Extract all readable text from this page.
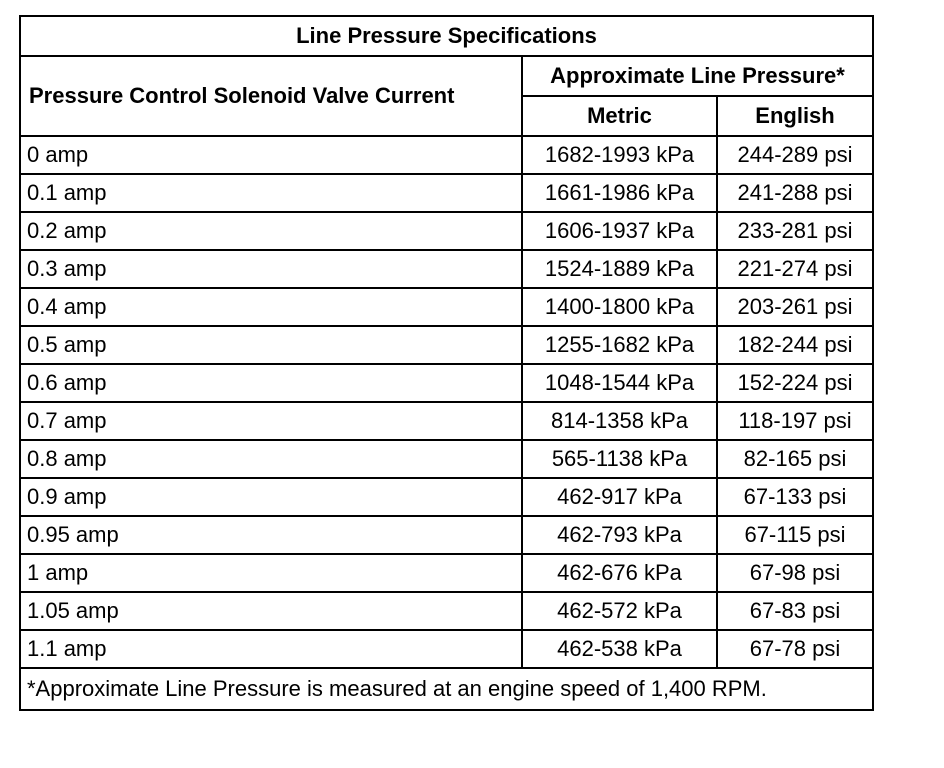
Line Pressure Specifications		
Pressure Control Solenoid Valve Current	Approximate Line Pressure*	
	Metric	English
0 amp	1682-1993 kPa	244-289 psi
0.1 amp	1661-1986 kPa	241-288 psi
0.2 amp	1606-1937 kPa	233-281 psi
0.3 amp	1524-1889 kPa	221-274 psi
0.4 amp	1400-1800 kPa	203-261 psi
0.5 amp	1255-1682 kPa	182-244 psi
0.6 amp	1048-1544 kPa	152-224 psi
0.7 amp	814-1358 kPa	118-197 psi
0.8 amp	565-1138 kPa	82-165 psi
0.9 amp	462-917 kPa	67-133 psi
0.95 amp	462-793 kPa	67-115 psi
1 amp	462-676 kPa	67-98 psi
1.05 amp	462-572 kPa	67-83 psi
1.1 amp	462-538 kPa	67-78 psi
*Approximate Line Pressure is measured at an engine speed of 1,400 RPM.		
